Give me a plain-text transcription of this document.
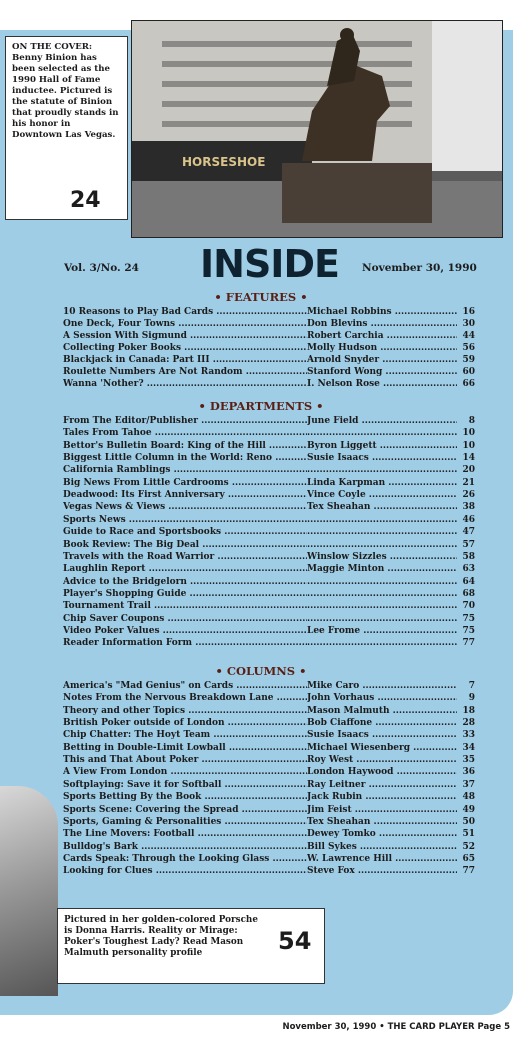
HORSESHOE
ON THE COVER: Benny Binion has been selected as the 1990 Hall of Fame inductee. Pictured is the statute of Binion that proudly stands in his honor in Downtown Las Vegas.
24
Vol. 3/No. 24 INSIDE November 30, 1990
• FEATURES •
10 Reasons to Play Bad Cards .....	Michael Robbins .....	16
One Deck, Four Towns .....	Don Blevins .....	30
A Session With Sigmund .....	Robert Carchia .....	44
Collecting Poker Books .....	Molly Hudson .....	56
Blackjack in Canada: Part III .....	Arnold Snyder .....	59
Roulette Numbers Are Not Random .....	Stanford Wong .....	60
Wanna 'Nother? .....	I. Nelson Rose .....	66
• DEPARTMENTS •
From The Editor/Publisher .....	June Field .....	8
Tales From Tahoe ..... .....	10
Bettor's Bulletin Board: King of the Hill .....	Byron Liggett .....	10
Biggest Little Column in the World: Reno .....	Susie Isaacs .....	14
California Ramblings ..... .....	20
Big News From Little Cardrooms .....	Linda Karpman .....	21
Deadwood: Its First Anniversary .....	Vince Coyle .....	26
Vegas News & Views .....	Tex Sheahan .....	38
Sports News ..... .....	46
Guide to Race and Sportsbooks ..... .....	47
Book Review: The Big Deal ..... .....	57
Travels with the Road Warrior .....	Winslow Sizzles .....	58
Laughlin Report .....	Maggie Minton .....	63
Advice to the Bridgelorn ..... .....	64
Player's Shopping Guide ..... .....	68
Tournament Trail ..... .....	70
Chip Saver Coupons ..... .....	75
Video Poker Values .....	Lee Frome .....	75
Reader Information Form ..... .....	77
• COLUMNS •
America's "Mad Genius" on Cards .....	Mike Caro .....	7
Notes From the Nervous Breakdown Lane .....	John Vorhaus .....	9
Theory and other Topics .....	Mason Malmuth .....	18
British Poker outside of London .....	Bob Ciaffone .....	28
Chip Chatter: The Hoyt Team .....	Susie Isaacs .....	33
Betting in Double-Limit Lowball .....	Michael Wiesenberg .....	34
This and That About Poker .....	Roy West .....	35
A View From London .....	London Haywood .....	36
Softplaying: Save it for Softball .....	Ray Leitner .....	37
Sports Betting By the Book .....	Jack Rubin .....	48
Sports Scene: Covering the Spread .....	Jim Feist .....	49
Sports, Gaming & Personalities .....	Tex Sheahan .....	50
The Line Movers: Football .....	Dewey Tomko .....	51
Bulldog's Bark .....	Bill Sykes .....	52
Cards Speak: Through the Looking Glass .....	W. Lawrence Hill .....	65
Looking for Clues .....	Steve Fox .....	77
Pictured in her golden-colored Porsche is Donna Harris. Reality or Mirage: Poker's Toughest Lady? Read Mason Malmuth personality profile	54
November 30, 1990 • THE CARD PLAYER Page 5
